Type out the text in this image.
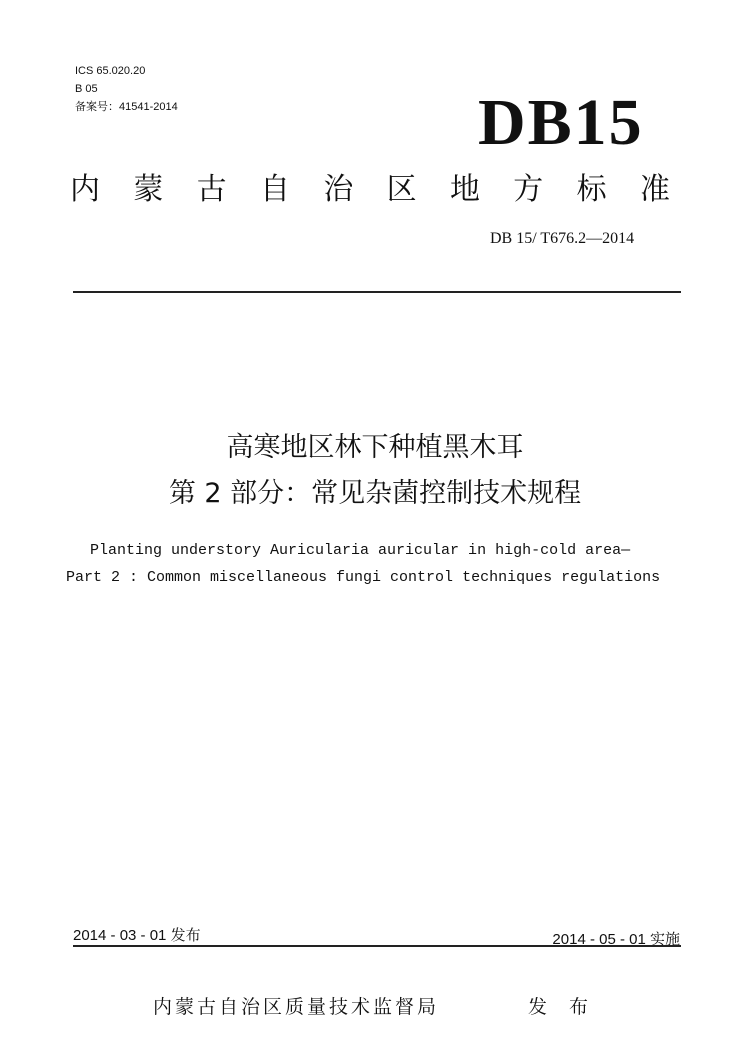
ICS 65.020.20
B 05
备案号：41541-2014	DB15
内 蒙 古 自 治 区 地 方 标 准
DB 15/ T676.2—2014
高寒地区林下种植黑木耳
第 2 部分：常见杂菌控制技术规程
Planting understory Auricularia auricular in high-cold area—
Part 2 : Common miscellaneous fungi control techniques regulations
2014 - 03 - 01 发布	2014 - 05 - 01 实施
内蒙古自治区质量技术监督局	发 布
